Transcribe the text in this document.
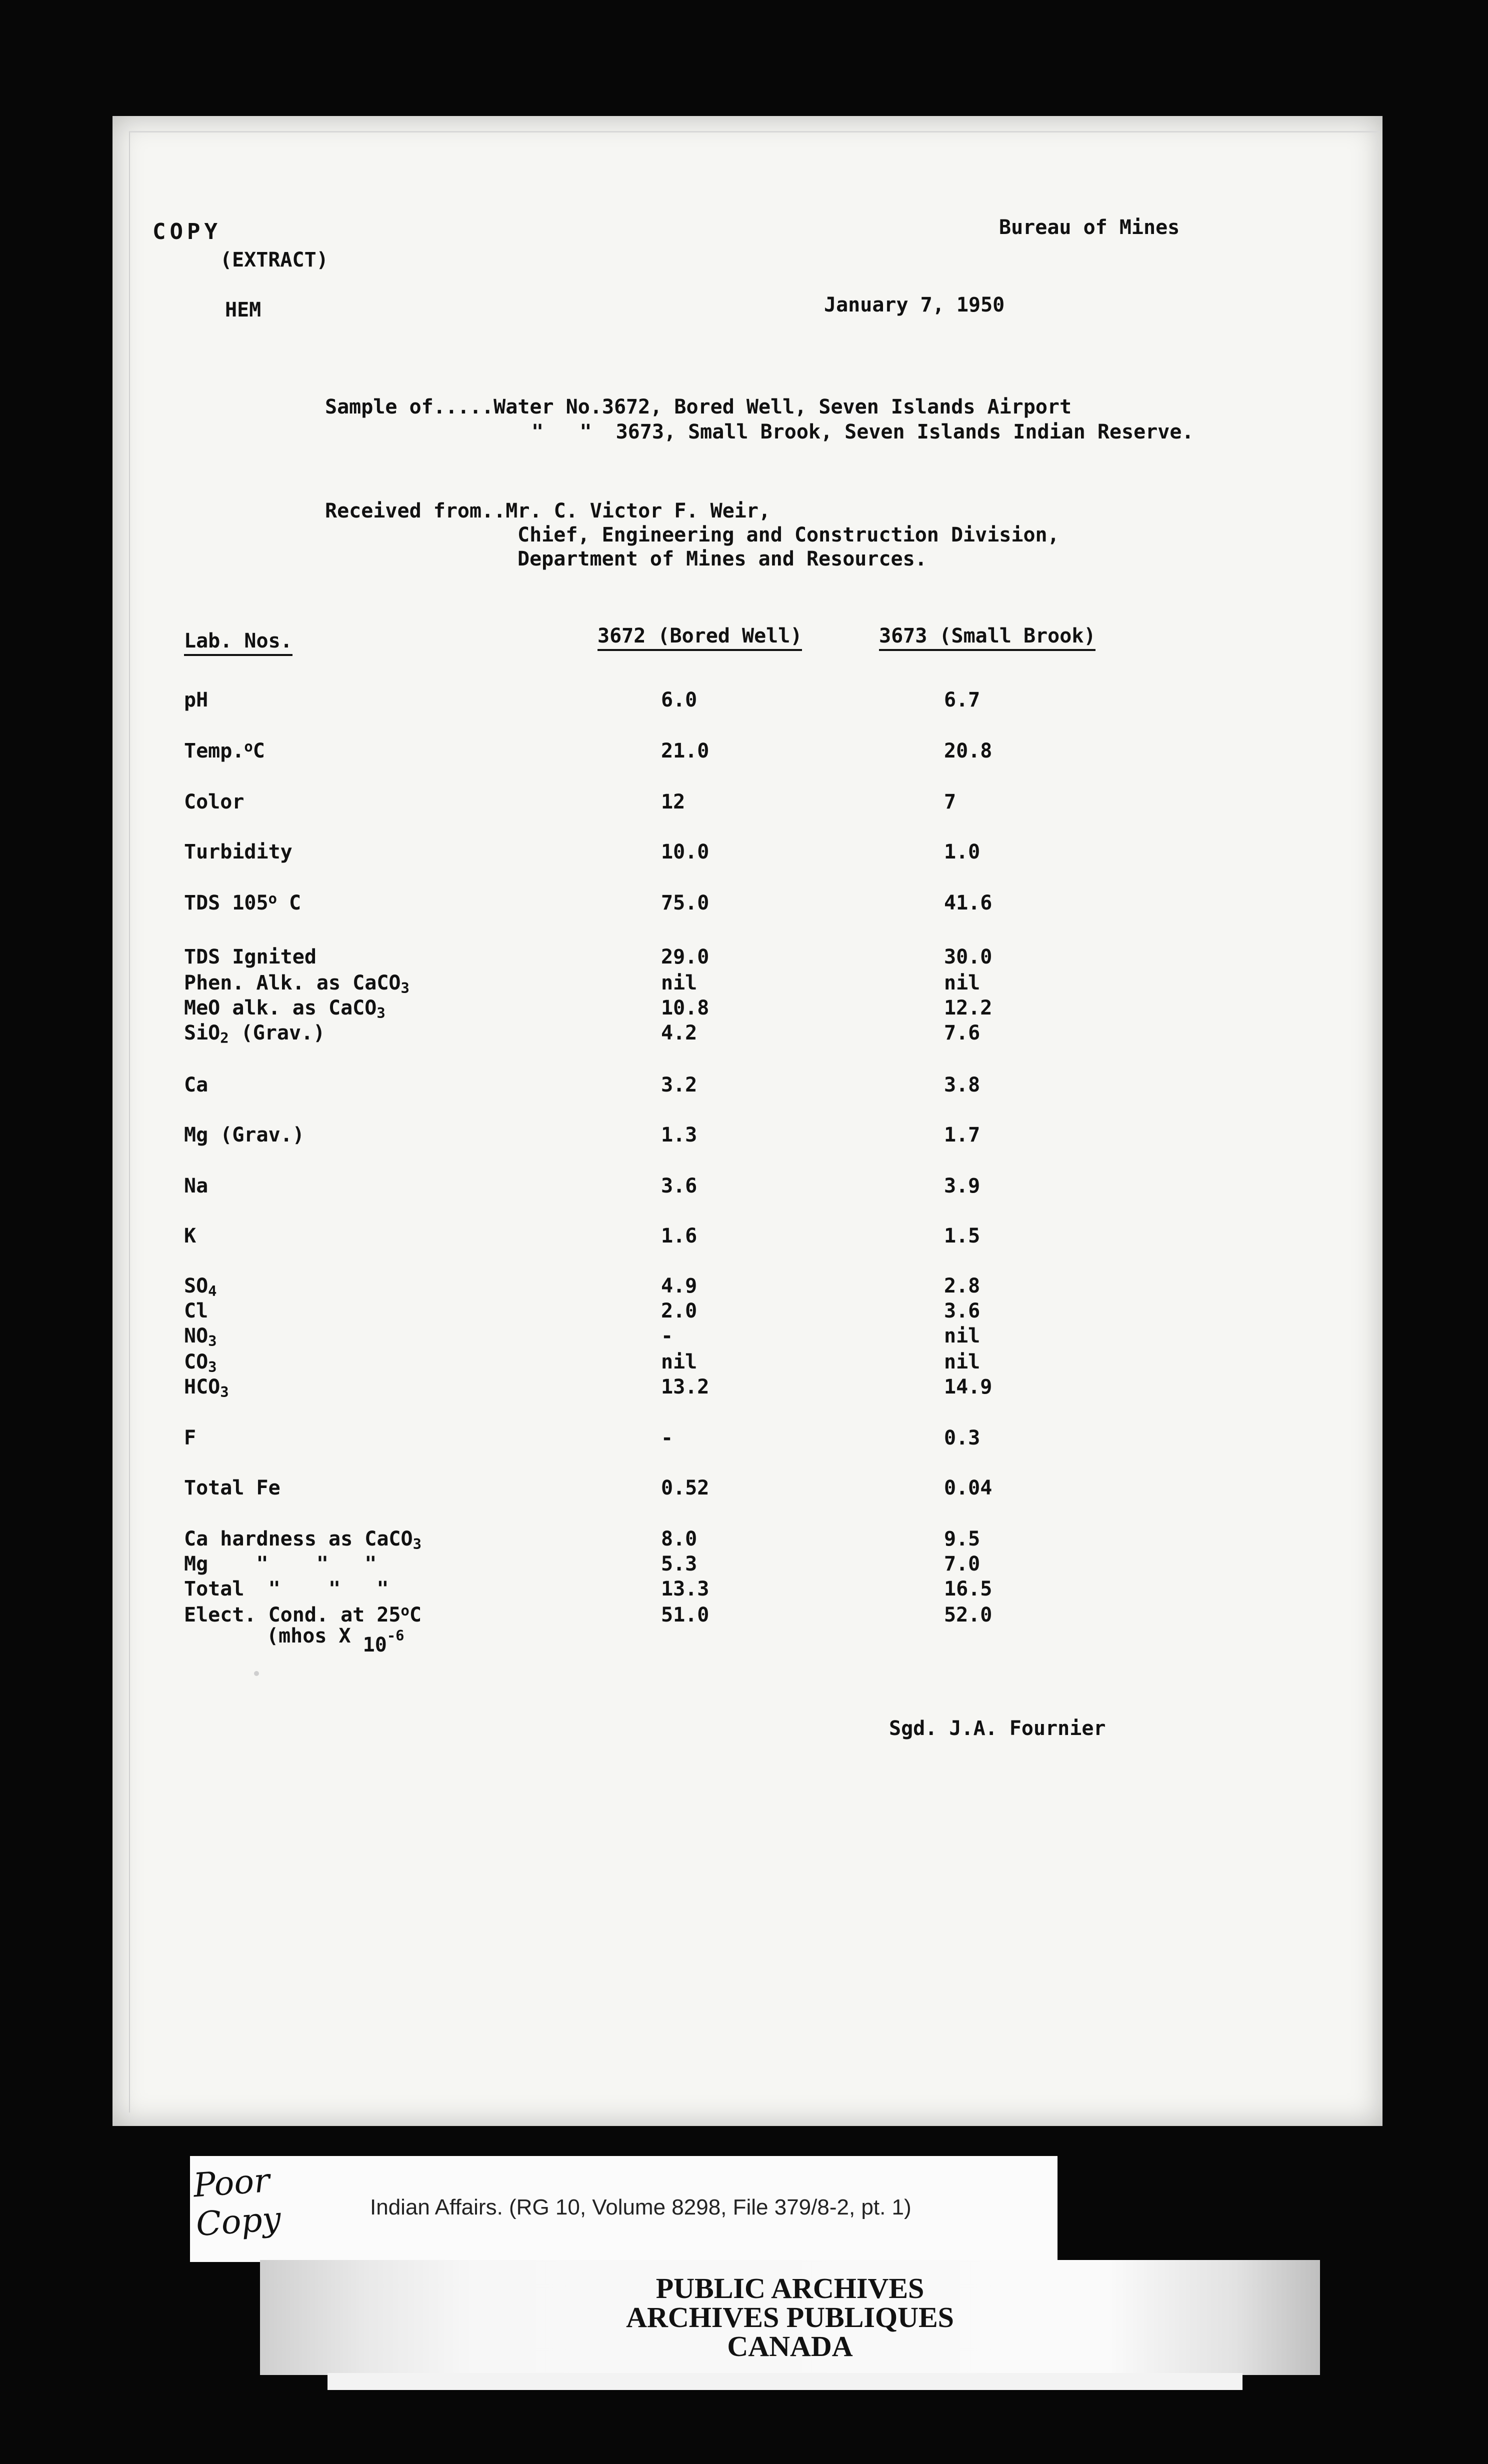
COPY
(EXTRACT)
HEM
Bureau of Mines
January 7, 1950
Sample of.....Water No.3672, Bored Well, Seven Islands Airport
"   " 3673, Small Brook, Seven Islands Indian Reserve.
Received from..Mr. C. Victor F. Weir,
Chief, Engineering and Construction Division,
Department of Mines and Resources.
Lab. Nos.	3672 (Bored Well)	3673 (Small Brook)
pH	6.0	6.7
Temp.$^o$C	21.0	20.8
Color	12	7
Turbidity	10.0	1.0
TDS 105$^o$ C	75.0	41.6
TDS Ignited	29.0	30.0
Phen. Alk. as CaCO$_3$	nil	nil
MeO alk. as CaCO$_3$	10.8	12.2
SiO$_2$ (Grav.)	4.2	7.6
Ca	3.2	3.8
Mg (Grav.)	1.3	1.7
Na	3.6	3.9
K	1.6	1.5
$SO_4$	4.9	2.8
Cl	2.0	3.6
$NO_3$	-	nil
$CO_3$	nil	nil
$HCO_3$	13.2	14.9
F	-	0.3
Total Fe	0.52	0.04
Ca hardness as CaCO$_3$	8.0	9.5
Mg    "    "   "	5.3	7.0
Total  "    "   "	13.3	16.5
Elect. Cond. at 25$^o$C	51.0	52.0
(mhos X $10^{-6}$
Sgd. J.A. Fournier
Poor
Copy	Indian Affairs. (RG 10, Volume 8298, File 379/8-2, pt. 1)
PUBLIC ARCHIVES
ARCHIVES PUBLIQUES
CANADA
